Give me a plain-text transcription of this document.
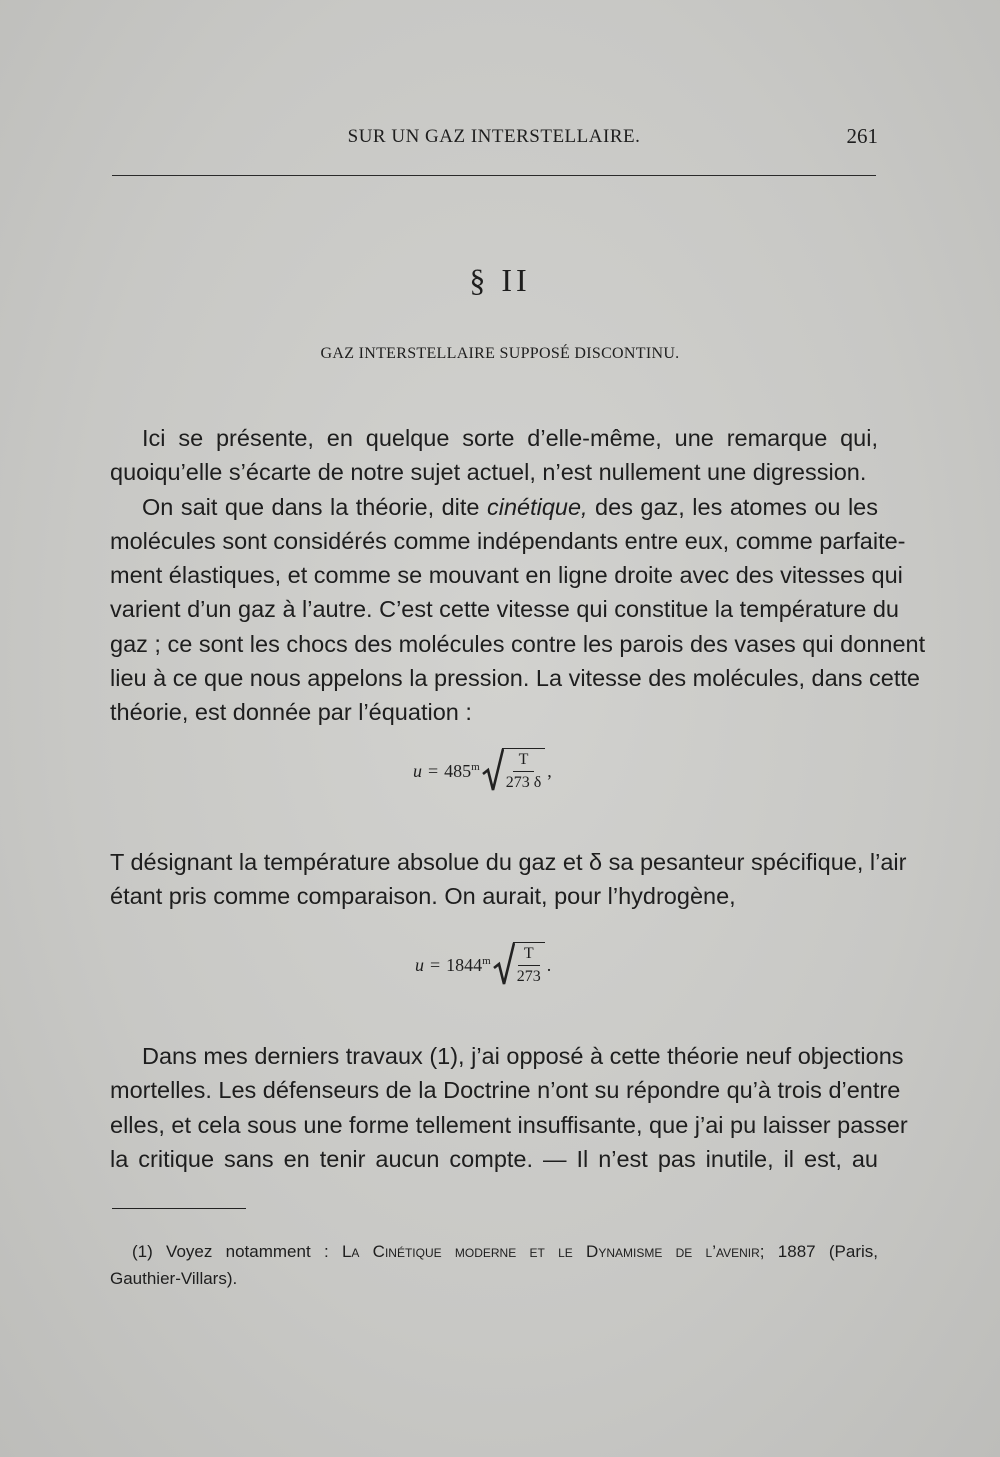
SUR UN GAZ INTERSTELLAIRE.	261
§ II
GAZ INTERSTELLAIRE SUPPOSÉ DISCONTINU.
Ici se présente, en quelque sorte d’elle-même, une remarque qui,
quoiqu’elle s’écarte de notre sujet actuel, n’est nullement une digression.
On sait que dans la théorie, dite cinétique, des gaz, les atomes ou les
molécules sont considérés comme indépendants entre eux, comme parfaite-
ment élastiques, et comme se mouvant en ligne droite avec des vitesses qui
varient d’un gaz à l’autre. C’est cette vitesse qui constitue la température du
gaz ; ce sont les chocs des molécules contre les parois des vases qui donnent
lieu à ce que nous appelons la pression. La vitesse des molécules, dans cette
théorie, est donnée par l’équation :
$u = 485^m \frac{T}{273 \delta}$ ,
T désignant la température absolue du gaz et δ sa pesanteur spécifique, l’air
étant pris comme comparaison. On aurait, pour l’hydrogène,
$u = 1844^m \frac{T}{273}$ .
Dans mes derniers travaux (1), j’ai opposé à cette théorie neuf objections
mortelles. Les défenseurs de la Doctrine n’ont su répondre qu’à trois d’entre
elles, et cela sous une forme tellement insuffisante, que j’ai pu laisser passer
la critique sans en tenir aucun compte. — Il n’est pas inutile, il est, au
(1) Voyez notamment : La Cinétique moderne et le Dynamisme de l’avenir; 1887 (Paris,
Gauthier-Villars).
